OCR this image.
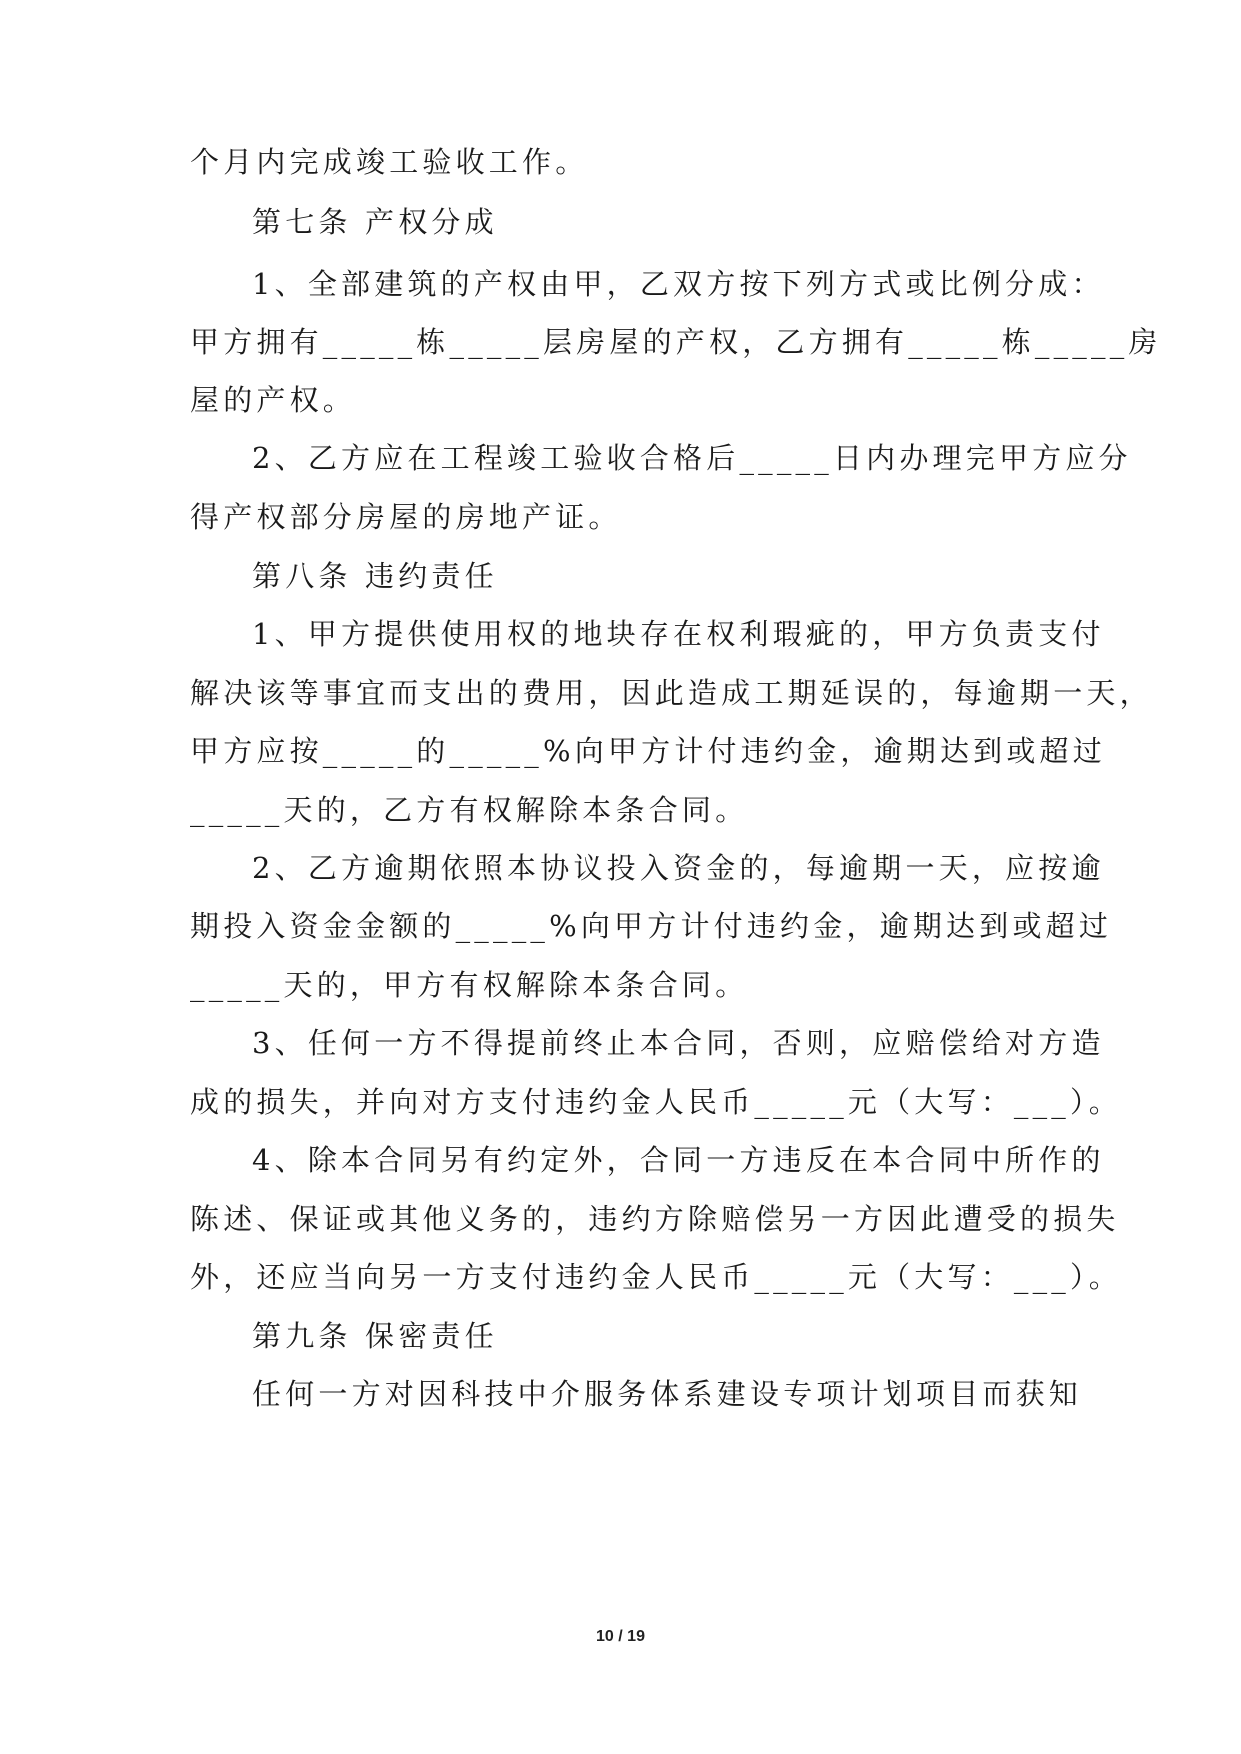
个月内完成竣工验收工作。
第七条 产权分成
1、全部建筑的产权由甲，乙双方按下列方式或比例分成：
甲方拥有_____栋_____层房屋的产权，乙方拥有_____栋_____房
屋的产权。
2、乙方应在工程竣工验收合格后_____日内办理完甲方应分
得产权部分房屋的房地产证。
第八条 违约责任
1、甲方提供使用权的地块存在权利瑕疵的，甲方负责支付
解决该等事宜而支出的费用，因此造成工期延误的，每逾期一天，
甲方应按_____的_____%向甲方计付违约金，逾期达到或超过
_____天的，乙方有权解除本条合同。
2、乙方逾期依照本协议投入资金的，每逾期一天，应按逾
期投入资金金额的_____%向甲方计付违约金，逾期达到或超过
_____天的，甲方有权解除本条合同。
3、任何一方不得提前终止本合同，否则，应赔偿给对方造
成的损失，并向对方支付违约金人民币_____元（大写：___）。
4、除本合同另有约定外，合同一方违反在本合同中所作的
陈述、保证或其他义务的，违约方除赔偿另一方因此遭受的损失
外，还应当向另一方支付违约金人民币_____元（大写：___）。
第九条 保密责任
任何一方对因科技中介服务体系建设专项计划项目而获知
10 / 19
